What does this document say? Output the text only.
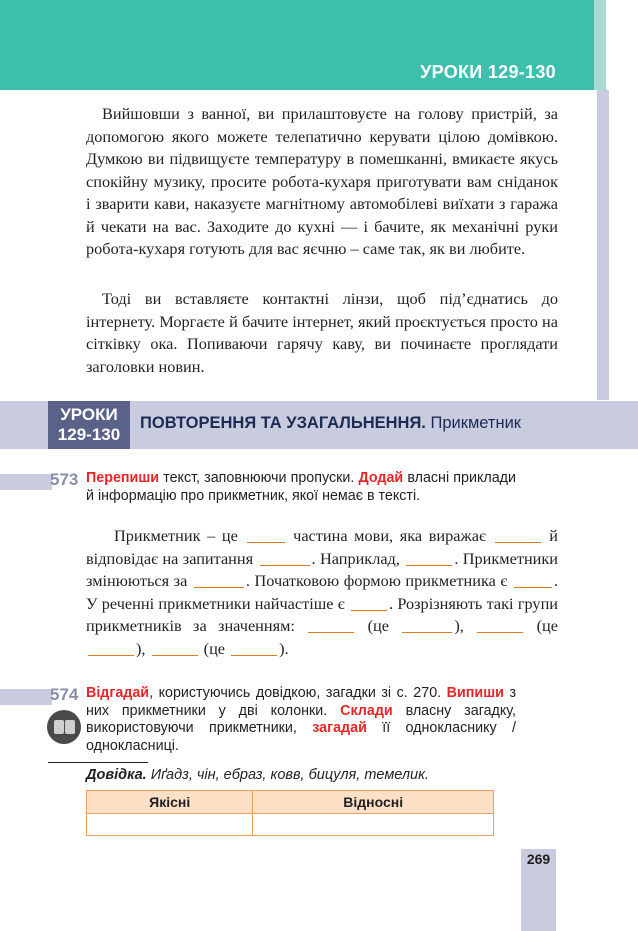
УРОКИ 129-130

Вийшовши з ванної, ви прилаштовуєте на голову пристрій, за допомогою якого можете телепатично керувати цілою домівкою. Думкою ви підвищуєте температуру в помешканні, вмикаєте якусь спокійну музику, просите робота-кухаря приготувати вам сніданок і зварити кави, наказуєте магнітному автомобілеві виїхати з гаража й чекати на вас. Заходите до кухні — і бачите, як механічні руки робота-кухаря готують для вас яєчню – саме так, як ви любите.

Тоді ви вставляєте контактні лінзи, щоб під’єднатись до інтернету. Моргаєте й бачите інтернет, який проєктується просто на сітківку ока. Попиваючи гарячу каву, ви починаєте проглядати заголовки новин.

УРОКИ
129-130
ПОВТОРЕННЯ ТА УЗАГАЛЬНЕННЯ. Прикметник
573 Перепиши текст, заповнюючи пропуски. Додай власні приклади й інформацію про прикметник, якої немає в тексті.

Прикметник – це	частина мови, яка виражає	й відповідає на запитання	. Наприклад,	. Прикметники змінюються за	. Початковою формою прикметника є	. У реченні прикметники найчастіше є	. Розрізняють такі групи прикметників за значенням:	(це	),	(це ),	(це	).

574 Відгадай, користуючись довідкою, загадки зі с. 270. Випиши з них прикметники у дві колонки. Склади власну загадку, використовуючи прикметники, загадай її однокласнику / однокласниці.
Довідка. Иґадз, чін, ебраз, ковв, бицуля, темелик.
Якісні	Відносні

269
